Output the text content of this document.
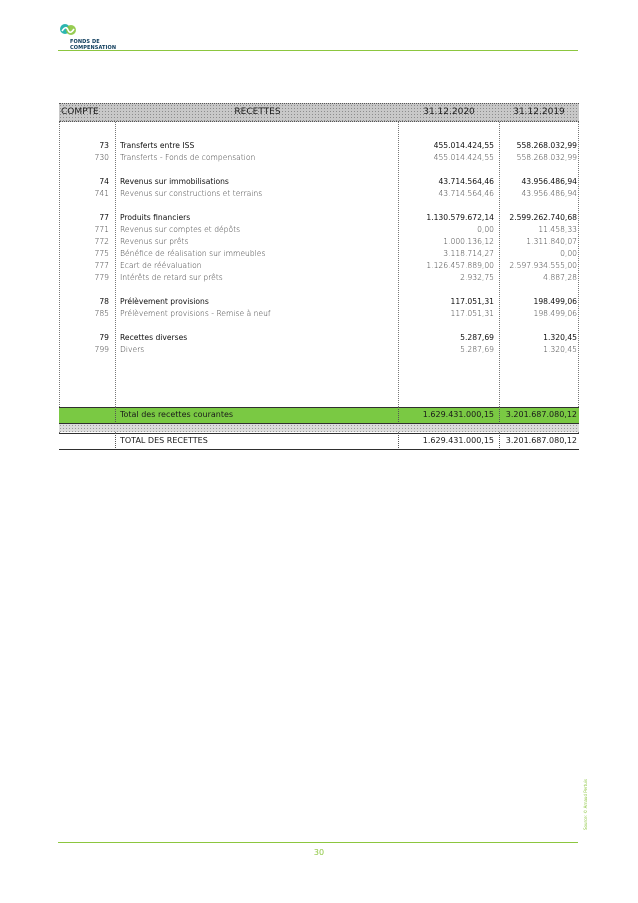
FONDS DE
COMPENSATION
COMPTE	RECETTES	31.12.2020	31.12.2019
Total des recettes courantes	1.629.431.000,15	3.201.687.080,12
TOTAL DES RECETTES	1.629.431.000,15	3.201.687.080,12
73 Transferts entre ISS	455.014.424,55	558.268.032,99
730 Transferts - Fonds de compensation	455.014.424,55	558.268.032,99
74 Revenus sur immobilisations	43.714.564,46	43.956.486,94
741 Revenus sur constructions et terrains	43.714.564,46	43.956.486,94
77 Produits financiers	1.130.579.672,14	2.599.262.740,68
771 Revenus sur comptes et dépôts	0,00	11.458,33
772 Revenus sur prêts	1.000.136,12	1.311.840,07
775 Bénéfice de réalisation sur immeubles	3.118.714,27	0,00
777 Ecart de réévaluation	1.126.457.889,00	2.597.934.555,00
779 Intérêts de retard sur prêts	2.932,75	4.887,28
78 Prélèvement provisions	117.051,31	198.499,06
785 Prélèvement provisions - Remise à neuf	117.051,31	198.499,06
79 Recettes diverses	5.287,69	1.320,45
799 Divers	5.287,69	1.320,45
Source: © Arnaud Pertuis
30
